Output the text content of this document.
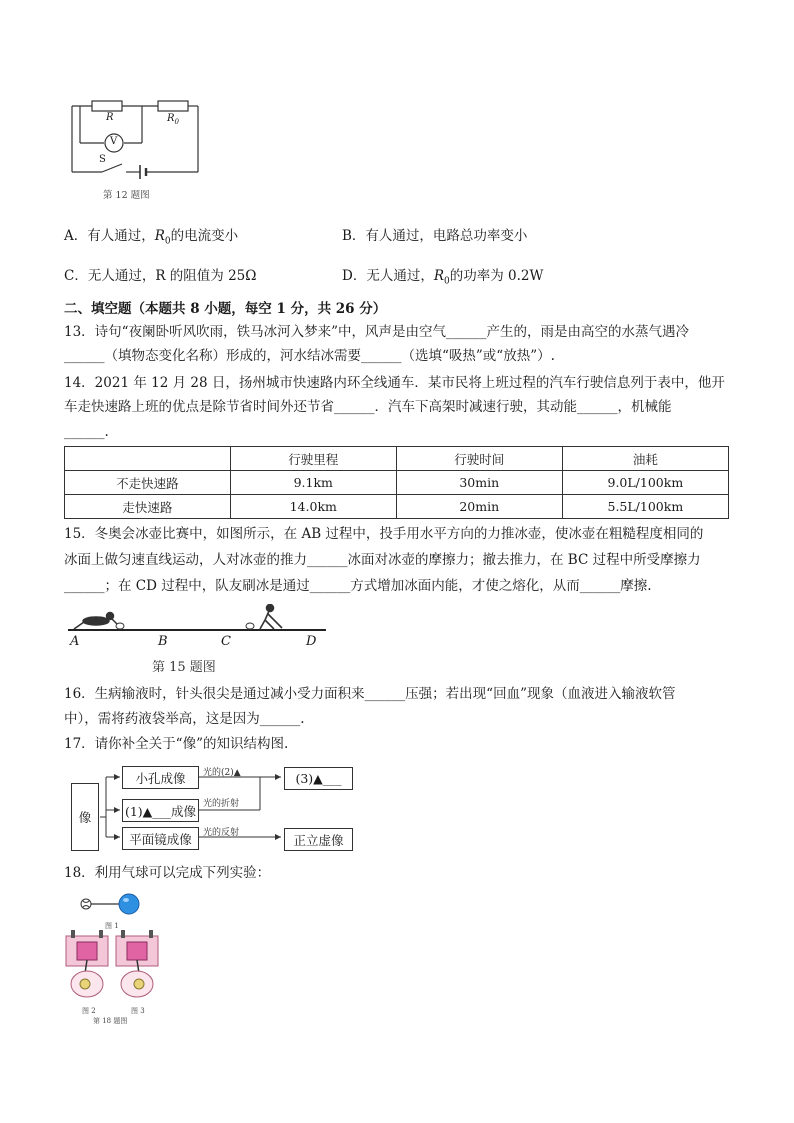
R	$R_0$
V
S
第 12 题图
A．有人通过，$R_0$的电流变小	B．有人通过，电路总功率变小
C．无人通过，R 的阻值为 25Ω	D．无人通过，$R_0$的功率为 0.2W
二、填空题（本题共 8 小题，每空 1 分，共 26 分）
13．诗句“夜阑卧听风吹雨，铁马冰河入梦来”中，风声是由空气______产生的，雨是由高空的水蒸气遇冷
______（填物态变化名称）形成的，河水结冰需要______（选填“吸热”或“放热”）.
14．2021 年 12 月 28 日，扬州城市快速路内环全线通车．某市民将上班过程的汽车行驶信息列于表中，他开
车走快速路上班的优点是除节省时间外还节省______．汽车下高架时减速行驶，其动能______，机械能
______.
	行驶里程	行驶时间	油耗
不走快速路	9.1km	30min	9.0L/100km
走快速路	14.0km	20min	5.5L/100km
15．冬奥会冰壶比赛中，如图所示，在 AB 过程中，投手用水平方向的力推冰壶，使冰壶在粗糙程度相同的
冰面上做匀速直线运动，人对冰壶的推力______冰面对冰壶的摩擦力；撤去推力，在 BC 过程中所受摩擦力
______；在 CD 过程中，队友刷冰是通过______方式增加冰面内能，才使之熔化，从而______摩擦.
A	B	C	D
第 15 题图
16．生病输液时，针头很尖是通过减小受力面积来______压强；若出现“回血”现象（血液进入输液软管
中），需将药液袋举高，这是因为______.
17．请你补全关于“像”的知识结构图.
像
小孔成像
(1)▲___成像
平面镜成像
(3)▲___
正立虚像
光的(2)▲
光的折射
光的反射
18．利用气球可以完成下列实验：
图 1
图 2	图 3
第 18 题图
